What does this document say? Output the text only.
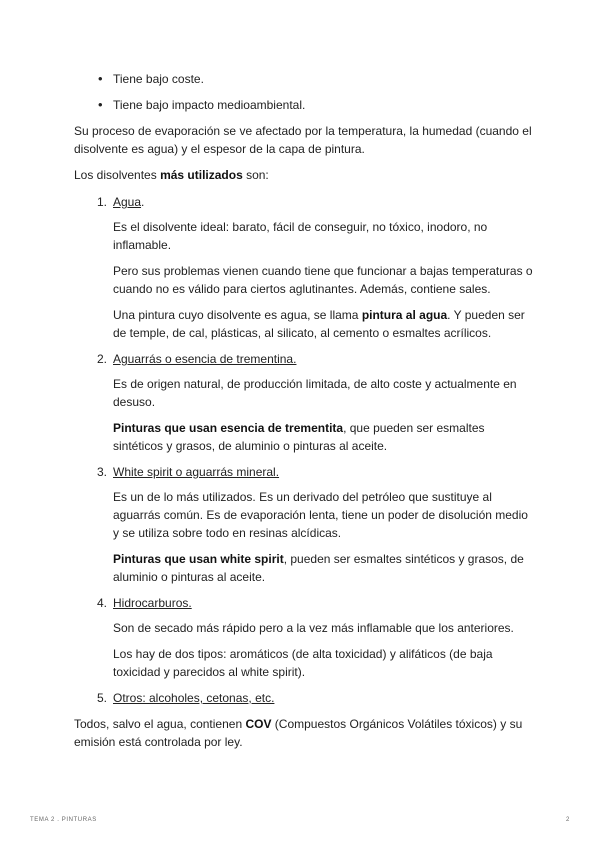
• Tiene bajo coste.
• Tiene bajo impacto medioambiental.

Su proceso de evaporación se ve afectado por la temperatura, la humedad (cuando el disolvente es agua) y el espesor de la capa de pintura.

Los disolventes más utilizados son:

1. Agua.

Es el disolvente ideal: barato, fácil de conseguir, no tóxico, inodoro, no inflamable.

Pero sus problemas vienen cuando tiene que funcionar a bajas temperaturas o cuando no es válido para ciertos aglutinantes. Además, contiene sales.

Una pintura cuyo disolvente es agua, se llama pintura al agua. Y pueden ser de temple, de cal, plásticas, al silicato, al cemento o esmaltes acrílicos.

2. Aguarrás o esencia de trementina.

Es de origen natural, de producción limitada, de alto coste y actualmente en desuso.

Pinturas que usan esencia de trementita, que pueden ser esmaltes sintéticos y grasos, de aluminio o pinturas al aceite.

3. White spirit o aguarrás mineral.

Es un de lo más utilizados. Es un derivado del petróleo que sustituye al aguarrás común. Es de evaporación lenta, tiene un poder de disolución medio y se utiliza sobre todo en resinas alcídicas.

Pinturas que usan white spirit, pueden ser esmaltes sintéticos y grasos, de aluminio o pinturas al aceite.

4. Hidrocarburos.

Son de secado más rápido pero a la vez más inflamable que los anteriores.

Los hay de dos tipos: aromáticos (de alta toxicidad) y alifáticos (de baja toxicidad y parecidos al white spirit).

5. Otros: alcoholes, cetonas, etc.

Todos, salvo el agua, contienen COV (Compuestos Orgánicos Volátiles tóxicos) y su emisión está controlada por ley.

TEMA 2 . PINTURAS	2
